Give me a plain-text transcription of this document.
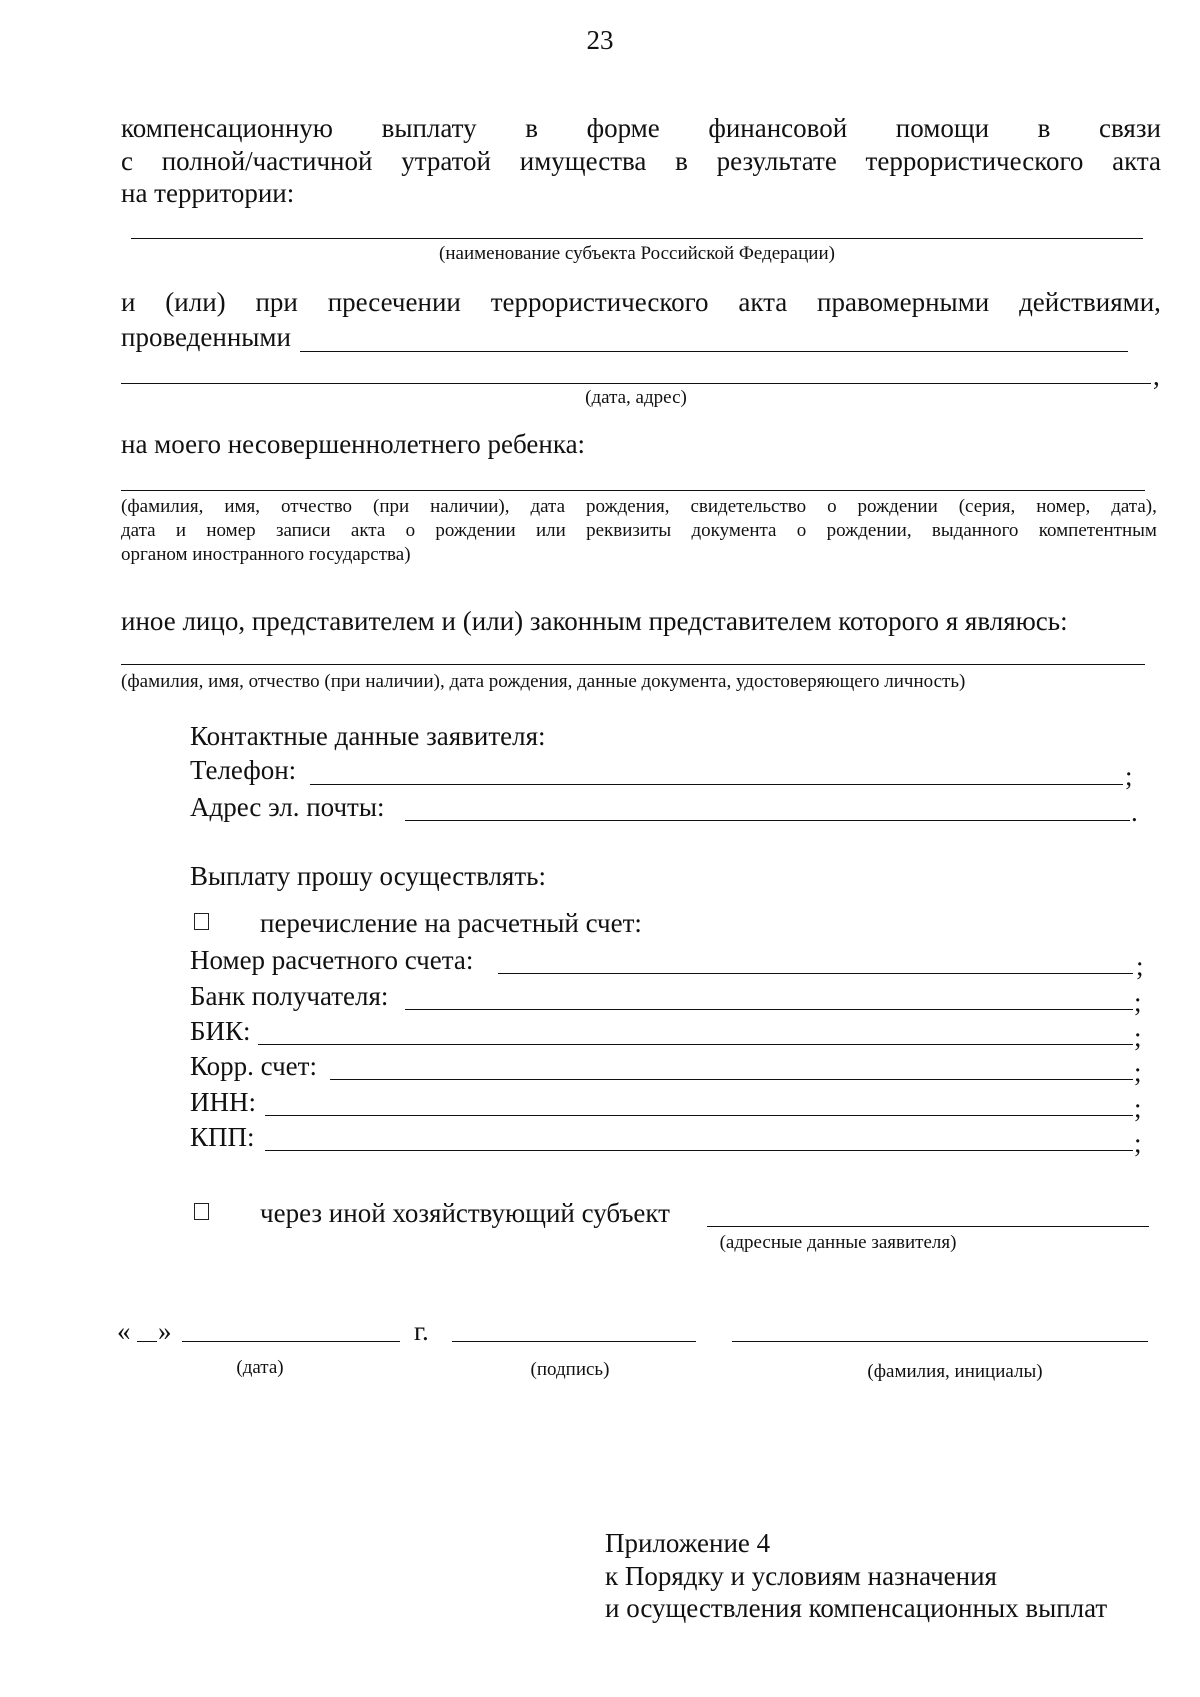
23
компенсационную выплату в форме финансовой помощи в связи
с полной/частичной утратой имущества в результате террористического акта
на территории:
(наименование субъекта Российской Федерации)
и (или) при пресечении террористического акта правомерными действиями,
проведенными
,
(дата, адрес)
на моего несовершеннолетнего ребенка:
(фамилия, имя, отчество (при наличии), дата рождения, свидетельство о рождении (серия, номер, дата),
дата и номер записи акта о рождении или реквизиты документа о рождении, выданного компетентным
органом иностранного государства)
иное лицо, представителем и (или) законным представителем которого я являюсь:
(фамилия, имя, отчество (при наличии), дата рождения, данные документа, удостоверяющего личность)
Контактные данные заявителя:
Телефон:	;
Адрес эл. почты:	.
Выплату прошу осуществлять:
перечисление на расчетный счет:
Номер расчетного счета:	;
Банк получателя:	;
БИК:	;
Корр. счет:	;
ИНН:	;
КПП:	;
через иной хозяйствующий субъект
(адресные данные заявителя)
« »	г.
(дата)	(подпись)	(фамилия, инициалы)
Приложение 4
к Порядку и условиям назначения
и осуществления компенсационных выплат
